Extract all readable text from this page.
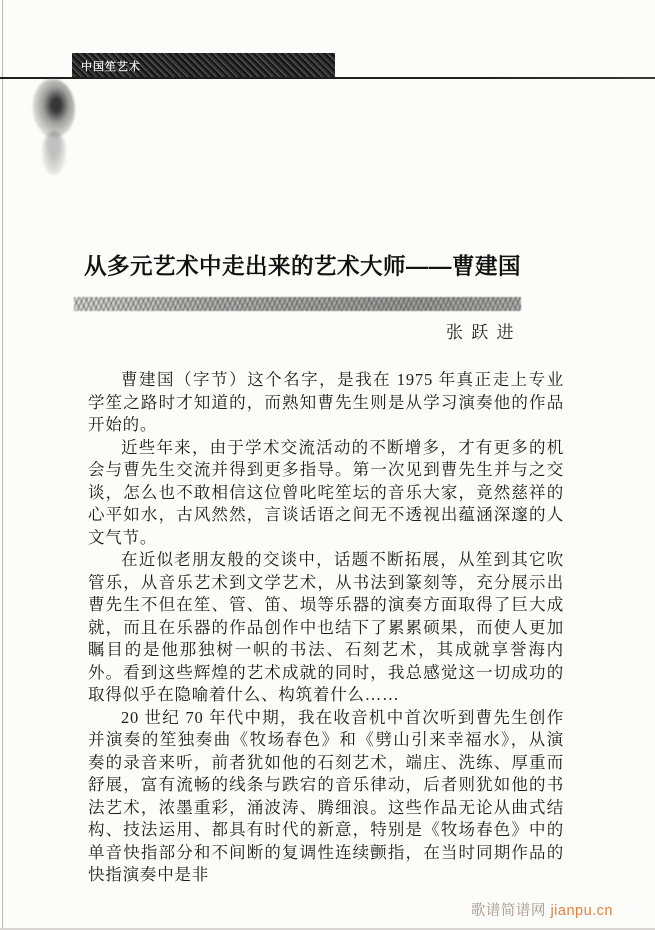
中国笙艺术
从多元艺术中走出来的艺术大师——曹建国
张 跃 进

曹建国（字节）这个名字，是我在 1975 年真正走上专业学笙之路时才知道的，而熟知曹先生则是从学习演奏他的作品开始的。

近些年来，由于学术交流活动的不断增多，才有更多的机会与曹先生交流并得到更多指导。第一次见到曹先生并与之交谈，怎么也不敢相信这位曾叱咤笙坛的音乐大家，竟然慈祥的心平如水，古风然然，言谈话语之间无不透视出蕴涵深邃的人文气节。

在近似老朋友般的交谈中，话题不断拓展，从笙到其它吹管乐，从音乐艺术到文学艺术，从书法到篆刻等，充分展示出曹先生不但在笙、管、笛、埙等乐器的演奏方面取得了巨大成就，而且在乐器的作品创作中也结下了累累硕果，而使人更加瞩目的是他那独树一帜的书法、石刻艺术，其成就享誉海内外。看到这些辉煌的艺术成就的同时，我总感觉这一切成功的取得似乎在隐喻着什么、构筑着什么……

20 世纪 70 年代中期，我在收音机中首次听到曹先生创作并演奏的笙独奏曲《牧场春色》和《劈山引来幸福水》，从演奏的录音来听，前者犹如他的石刻艺术，端庄、洗练、厚重而舒展，富有流畅的线条与跌宕的音乐律动，后者则犹如他的书法艺术，浓墨重彩，涌波涛、腾细浪。这些作品无论从曲式结构、技法运用、都具有时代的新意，特别是《牧场春色》中的单音快指部分和不间断的复调性连续颤指，在当时同期作品的快指演奏中是非

歌谱简谱网 jianpu.cn
